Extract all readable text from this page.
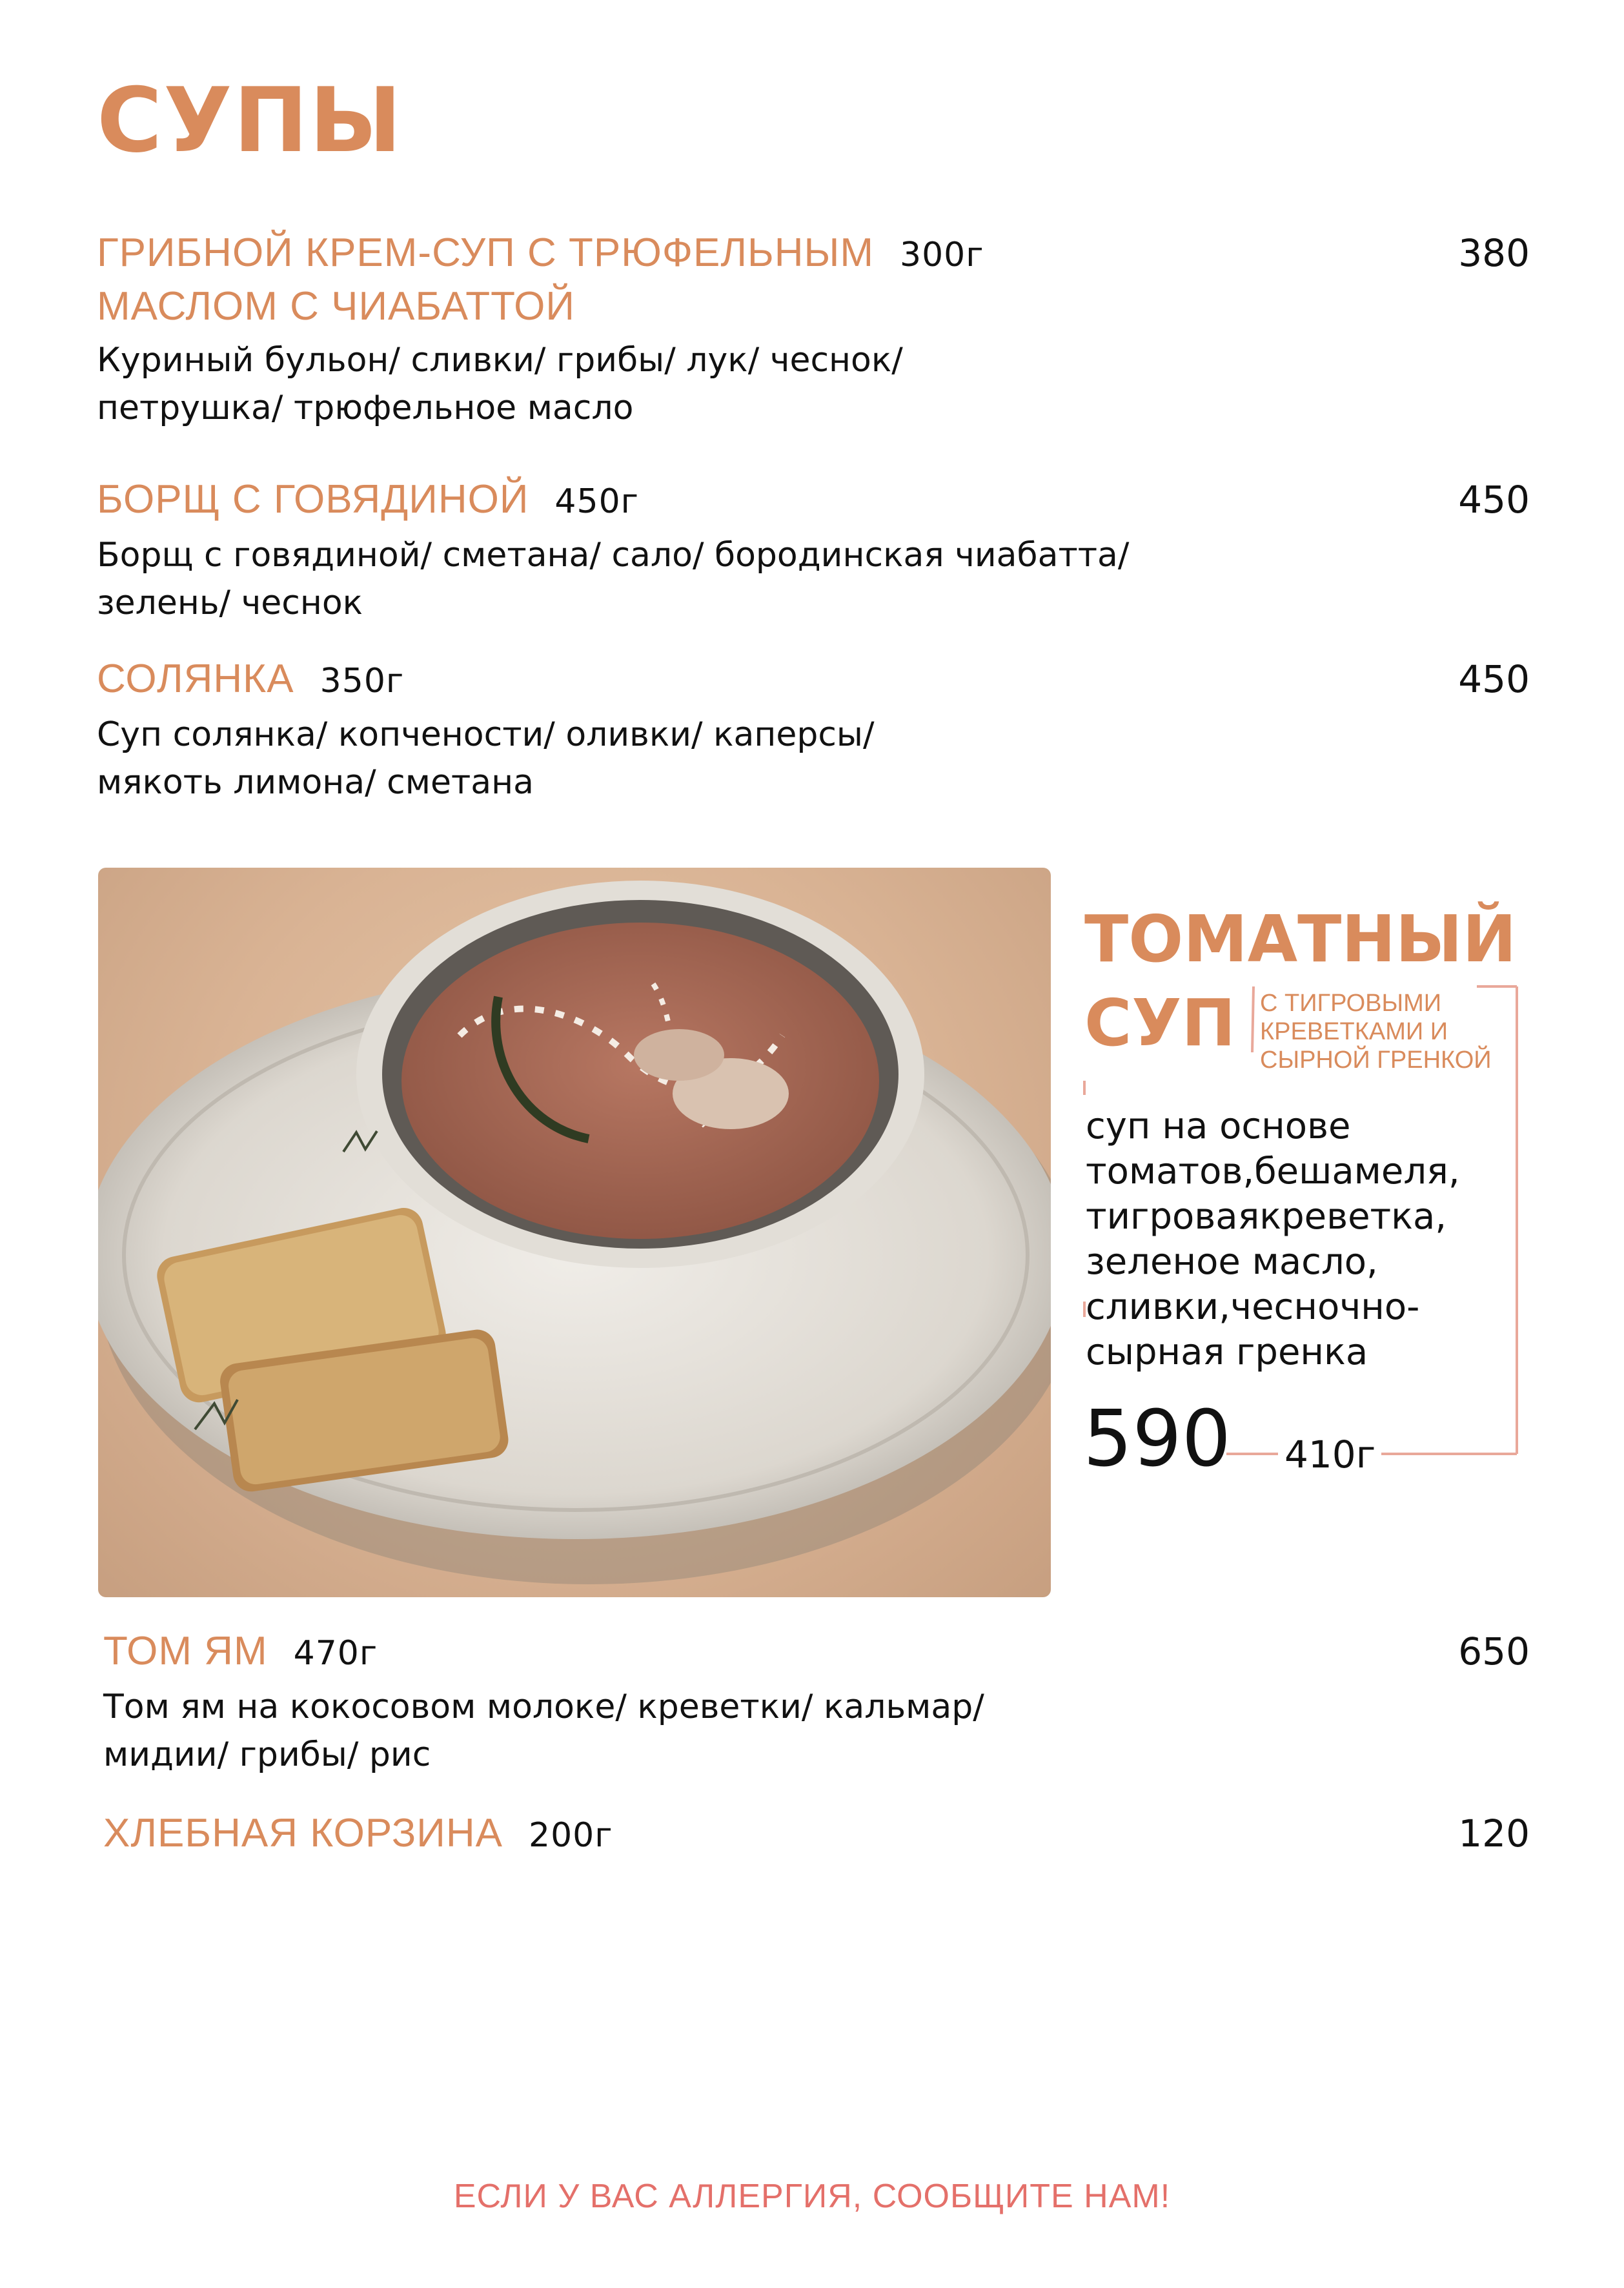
СУПЫ
ГРИБНОЙ КРЕМ-СУП С ТРЮФЕЛЬНЫМ 300г
МАСЛОМ С ЧИАБАТТОЙ
380
Куриный бульон/ сливки/ грибы/ лук/ чеснок/
петрушка/ трюфельное масло
БОРЩ С ГОВЯДИНОЙ 450г	450
Борщ с говядиной/ сметана/ сало/ бородинская чиабатта/
зелень/ чеснок
СОЛЯНКА 350г	450
Суп солянка/ копчености/ оливки/ каперсы/
мякоть лимона/ сметана
ТОМАТНЫЙ
СУП С ТИГРОВЫМИ
КРЕВЕТКАМИ И
СЫРНОЙ ГРЕНКОЙ
суп на основе
томатов,бешамеля,
тигроваякреветка,
зеленое масло,
сливки,чесночно-
сырная гренка
590 410г
ТОМ ЯМ 470г	650
Том ям на кокосовом молоке/ креветки/ кальмар/
мидии/ грибы/ рис
ХЛЕБНАЯ КОРЗИНА 200г	120
ЕСЛИ У ВАС АЛЛЕРГИЯ, СООБЩИТЕ НАМ!
